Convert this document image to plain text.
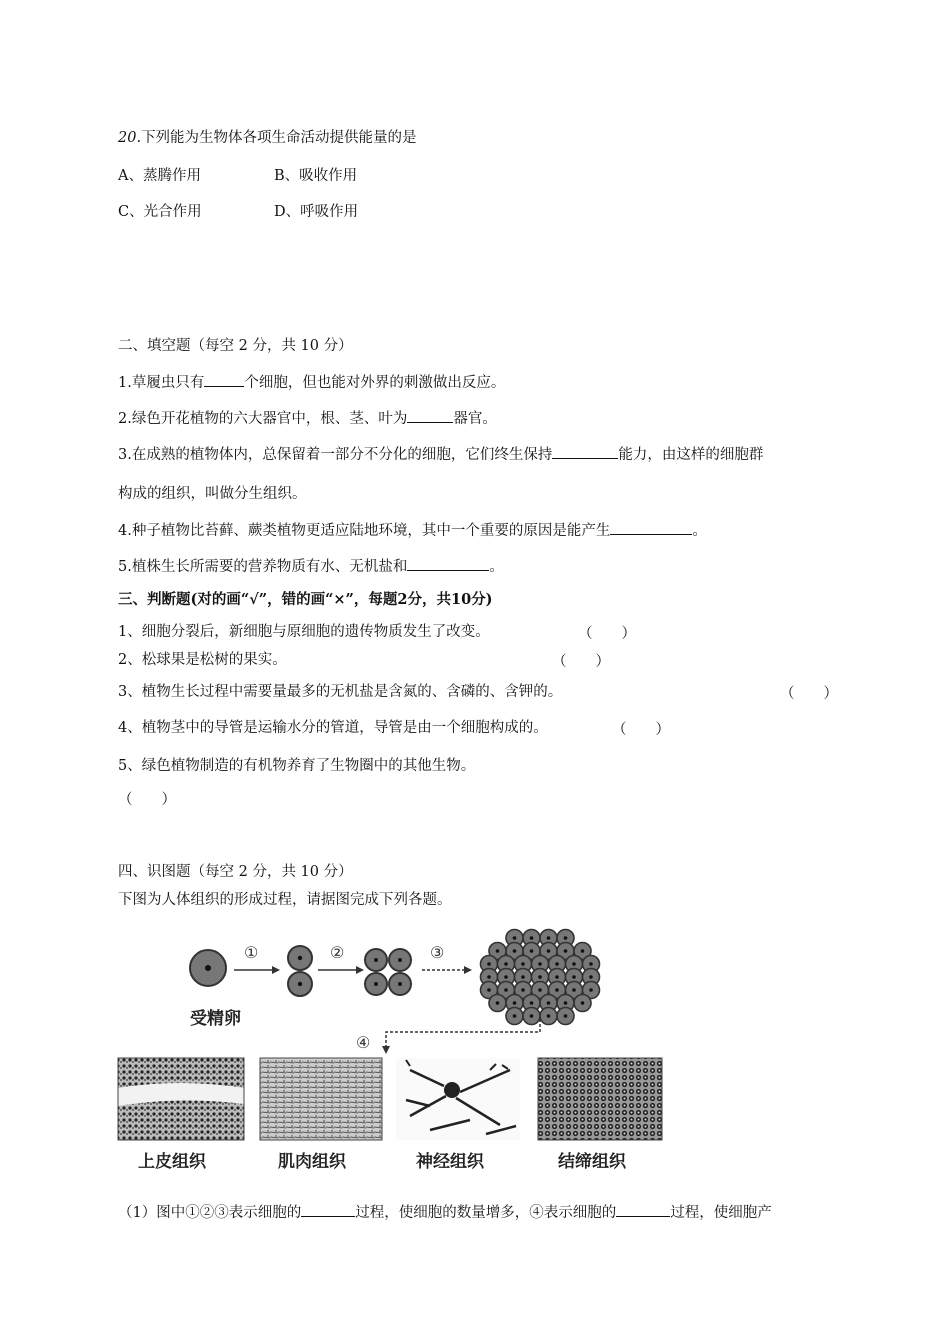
20.下列能为生物体各项生命活动提供能量的是
A、蒸腾作用	B、吸收作用
C、光合作用	D、呼吸作用
二、填空题（每空 2 分，共 10 分）
1.草履虫只有	个细胞，但也能对外界的刺激做出反应。
2.绿色开花植物的六大器官中，根、茎、叶为	器官。
3.在成熟的植物体内，总保留着一部分不分化的细胞，它们终生保持	能力，由这样的细胞群
构成的组织，叫做分生组织。
4.种子植物比苔藓、蕨类植物更适应陆地环境，其中一个重要的原因是能产生	。
5.植株生长所需要的营养物质有水、无机盐和	。
三、判断题(对的画“√”，错的画“×”，每题2分，共10分)
1、细胞分裂后，新细胞与原细胞的遗传物质发生了改变。	（　　）
2、松球果是松树的果实。	（　　）
3、植物生长过程中需要量最多的无机盐是含氮的、含磷的、含钾的。	（　　）
4、植物茎中的导管是运输水分的管道，导管是由一个细胞构成的。	（　　）
5、绿色植物制造的有机物养育了生物圈中的其他生物。
（　　）
四、识图题（每空 2 分，共 10 分）
下图为人体组织的形成过程，请据图完成下列各题。
受精卵
①	②	③
④
上皮组织	肌肉组织	神经组织	结缔组织
（1）图中①②③表示细胞的	过程，使细胞的数量增多，④表示细胞的	过程，使细胞产
